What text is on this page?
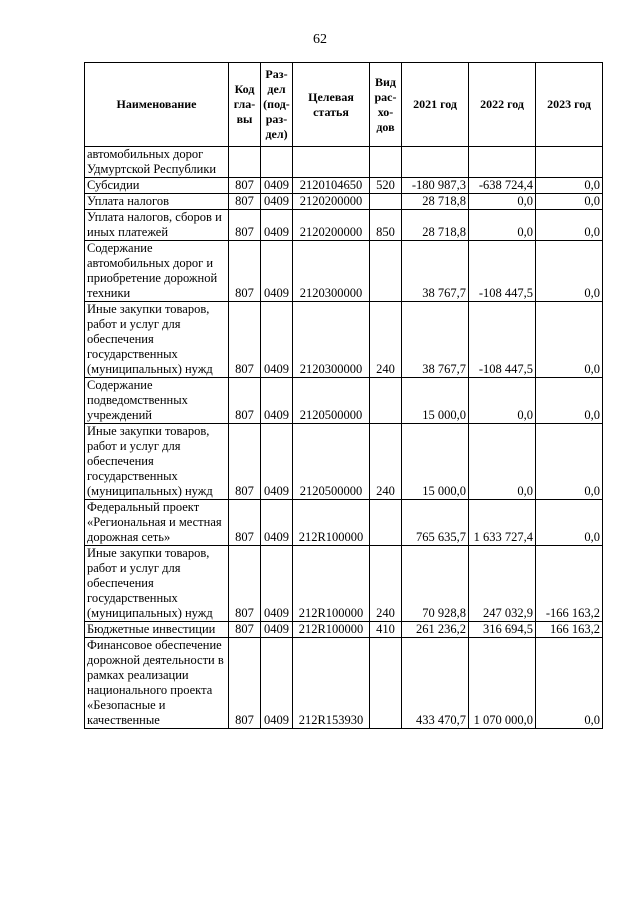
62
Наименование	Код гла- вы	Раз- дел (под- раз- дел)	Целевая статья	Вид рас- хо- дов	2021 год	2022 год	2023 год
автомобильных дорог Удмуртской Республики							
Субсидии	807	0409	2120104650	520	-180 987,3	-638 724,4	0,0
Уплата налогов	807	0409	2120200000		28 718,8	0,0	0,0
Уплата налогов, сборов и иных платежей	807	0409	2120200000	850	28 718,8	0,0	0,0
Содержание автомобильных дорог и приобретение дорожной техники	807	0409	2120300000		38 767,7	-108 447,5	0,0
Иные закупки товаров, работ и услуг для обеспечения государственных (муниципальных) нужд	807	0409	2120300000	240	38 767,7	-108 447,5	0,0
Содержание подведомственных учреждений	807	0409	2120500000		15 000,0	0,0	0,0
Иные закупки товаров, работ и услуг для обеспечения государственных (муниципальных) нужд	807	0409	2120500000	240	15 000,0	0,0	0,0
Федеральный проект «Региональная и местная дорожная сеть»	807	0409	212R100000		765 635,7	1 633 727,4	0,0
Иные закупки товаров, работ и услуг для обеспечения государственных (муниципальных) нужд	807	0409	212R100000	240	70 928,8	247 032,9	-166 163,2
Бюджетные инвестиции	807	0409	212R100000	410	261 236,2	316 694,5	166 163,2
Финансовое обеспечение дорожной деятельности в рамках реализации национального проекта «Безопасные и качественные	807	0409	212R153930		433 470,7	1 070 000,0	0,0
